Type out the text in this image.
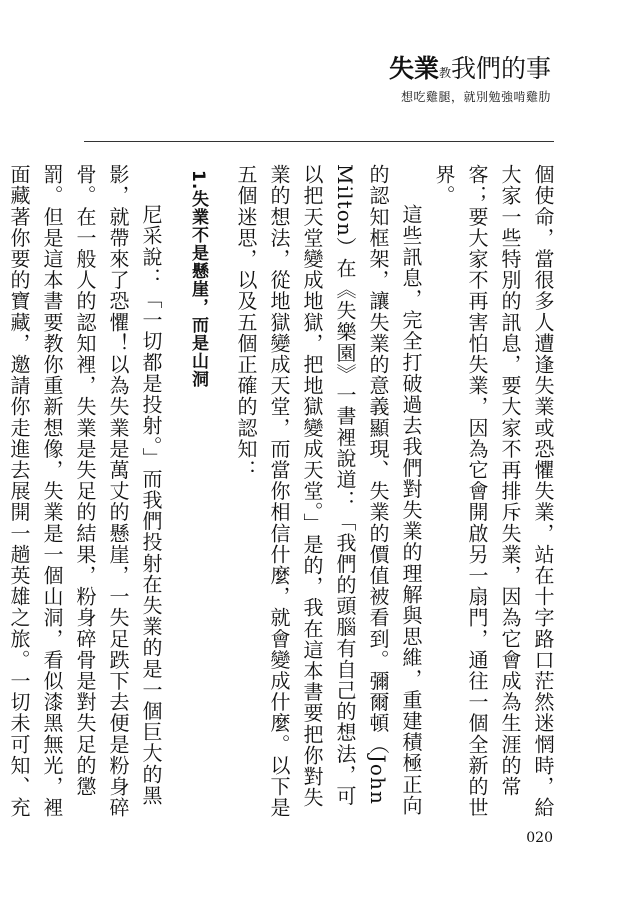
失業教我們的事
想吃雞腿，就別勉強啃雞肋

個使命，當很多人遭逢失業或恐懼失業，站在十字路口茫然迷惘時，給大家一些特別的訊息，要大家不再排斥失業，因為它會成為生涯的常客；要大家不再害怕失業，因為它會開啟另一扇門，通往一個全新的世界。

這些訊息，完全打破過去我們對失業的理解與思維，重建積極正向的認知框架，讓失業的意義顯現、失業的價值被看到。彌爾頓（John Milton）在《失樂園》一書裡說道：「我們的頭腦有自己的想法，可以把天堂變成地獄，把地獄變成天堂。」是的，我在這本書要把你對失業的想法，從地獄變成天堂，而當你相信什麼，就會變成什麼。以下是五個迷思，以及五個正確的認知：

1.失業不是懸崖，而是山洞

尼采說：「一切都是投射。」而我們投射在失業的是一個巨大的黑影，就帶來了恐懼！以為失業是萬丈的懸崖，一失足跌下去便是粉身碎骨。在一般人的認知裡，失業是失足的結果，粉身碎骨是對失足的懲罰。但是這本書要教你重新想像，失業是一個山洞，看似漆黑無光，裡面藏著你要的寶藏，邀請你走進去展開一趟英雄之旅。一切未可知、充

020
